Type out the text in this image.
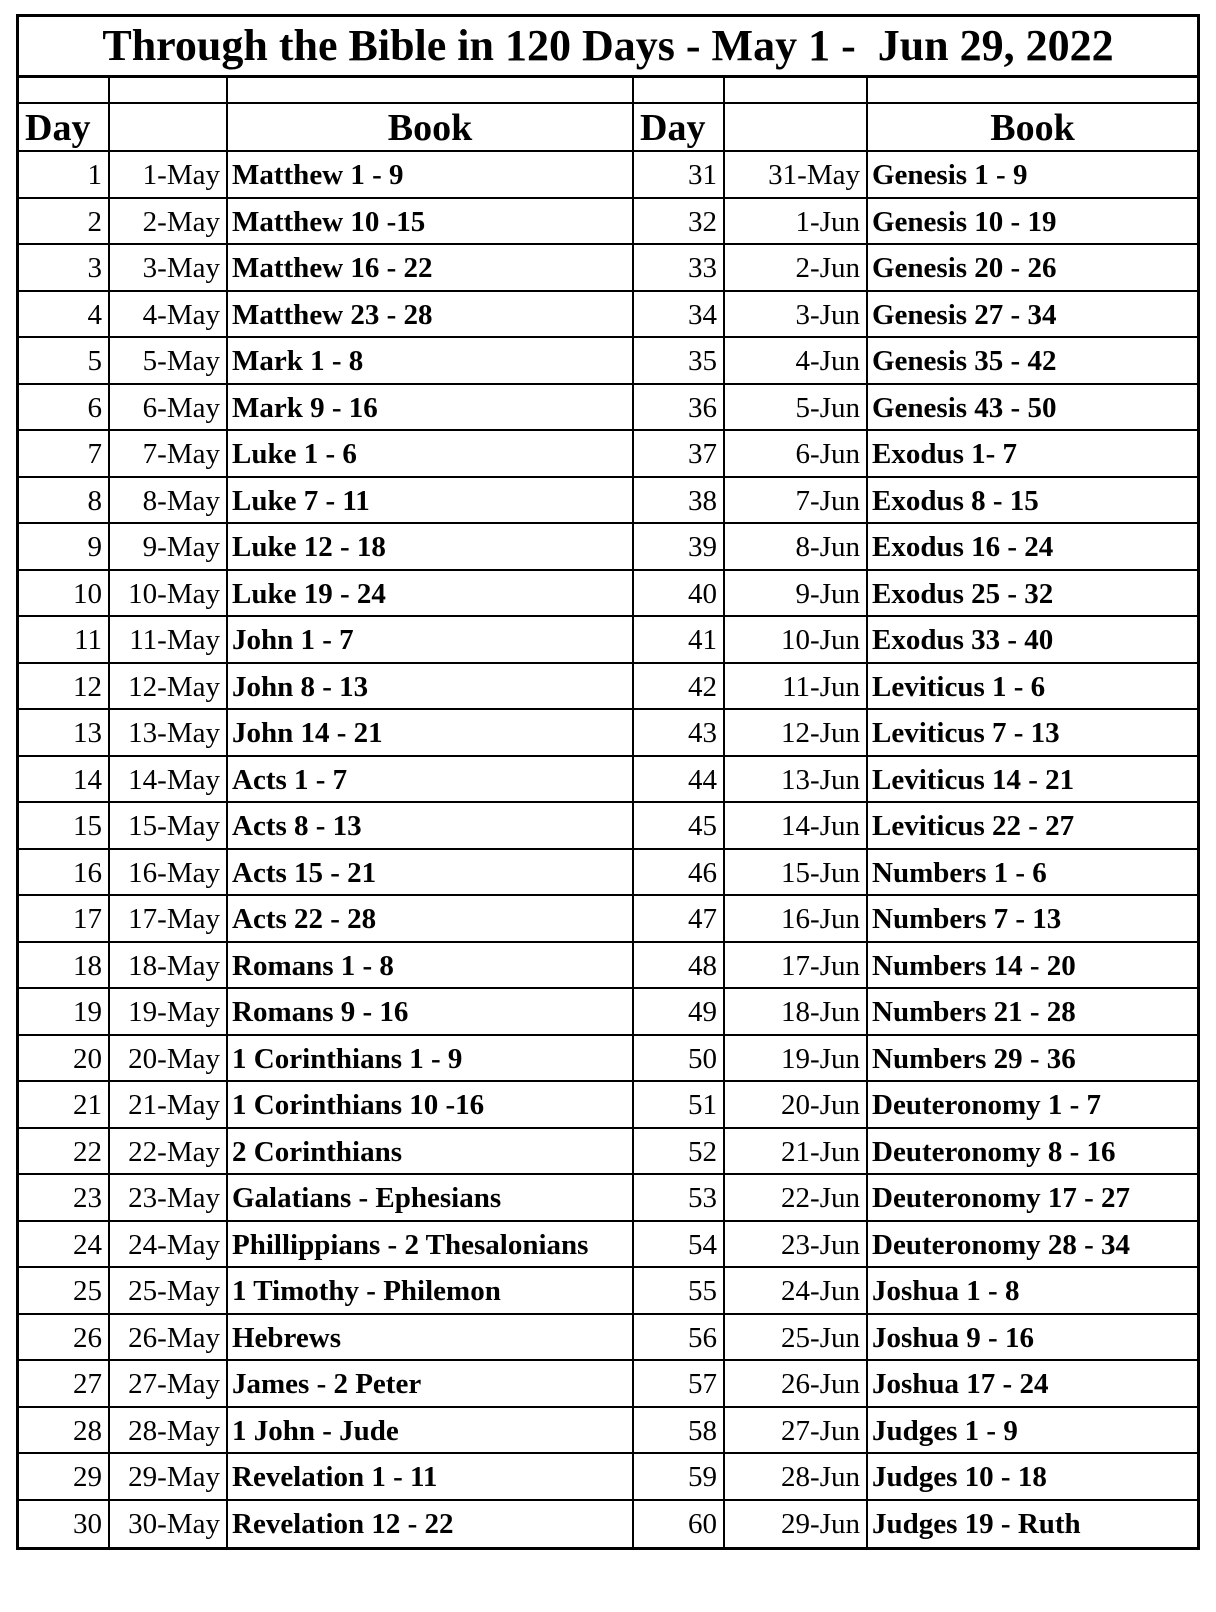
Through the Bible in 120 Days - May 1 -  Jun 29, 2022
Day	Book	Day	Book
1	1-May Matthew 1 - 9	31	31-May Genesis 1 - 9
2	2-May Matthew 10 -15	32	1-Jun Genesis 10 - 19
3	3-May Matthew 16 - 22	33	2-Jun Genesis 20 - 26
4	4-May Matthew 23 - 28	34	3-Jun Genesis 27 - 34
5	5-May Mark 1 - 8	35	4-Jun Genesis 35 - 42
6	6-May Mark 9 - 16	36	5-Jun Genesis 43 - 50
7	7-May Luke 1 - 6	37	6-Jun Exodus 1- 7
8	8-May Luke 7 - 11	38	7-Jun Exodus 8 - 15
9	9-May Luke 12 - 18	39	8-Jun Exodus 16 - 24
10 10-May Luke 19 - 24	40	9-Jun Exodus 25 - 32
11 11-May John 1 - 7	41	10-Jun Exodus 33 - 40
12 12-May John 8 - 13	42	11-Jun Leviticus 1 - 6
13 13-May John 14 - 21	43	12-Jun Leviticus 7 - 13
14 14-May Acts 1 - 7	44	13-Jun Leviticus 14 - 21
15 15-May Acts 8 - 13	45	14-Jun Leviticus 22 - 27
16 16-May Acts 15 - 21	46	15-Jun Numbers 1 - 6
17 17-May Acts 22 - 28	47	16-Jun Numbers 7 - 13
18 18-May Romans 1 - 8	48	17-Jun Numbers 14 - 20
19 19-May Romans 9 - 16	49	18-Jun Numbers 21 - 28
20 20-May 1 Corinthians 1 - 9	50	19-Jun Numbers 29 - 36
21 21-May 1 Corinthians 10 -16	51	20-Jun Deuteronomy 1 - 7
22 22-May 2 Corinthians	52	21-Jun Deuteronomy 8 - 16
23 23-May Galatians - Ephesians	53	22-Jun Deuteronomy 17 - 27
24 24-May Phillippians - 2 Thesalonians	54	23-Jun Deuteronomy 28 - 34
25 25-May 1 Timothy - Philemon	55	24-Jun Joshua 1 - 8
26 26-May Hebrews	56	25-Jun Joshua 9 - 16
27 27-May James - 2 Peter	57	26-Jun Joshua 17 - 24
28 28-May 1 John - Jude	58	27-Jun Judges 1 - 9
29 29-May Revelation 1 - 11	59	28-Jun Judges 10 - 18
30 30-May Revelation 12 - 22	60	29-Jun Judges 19 - Ruth
